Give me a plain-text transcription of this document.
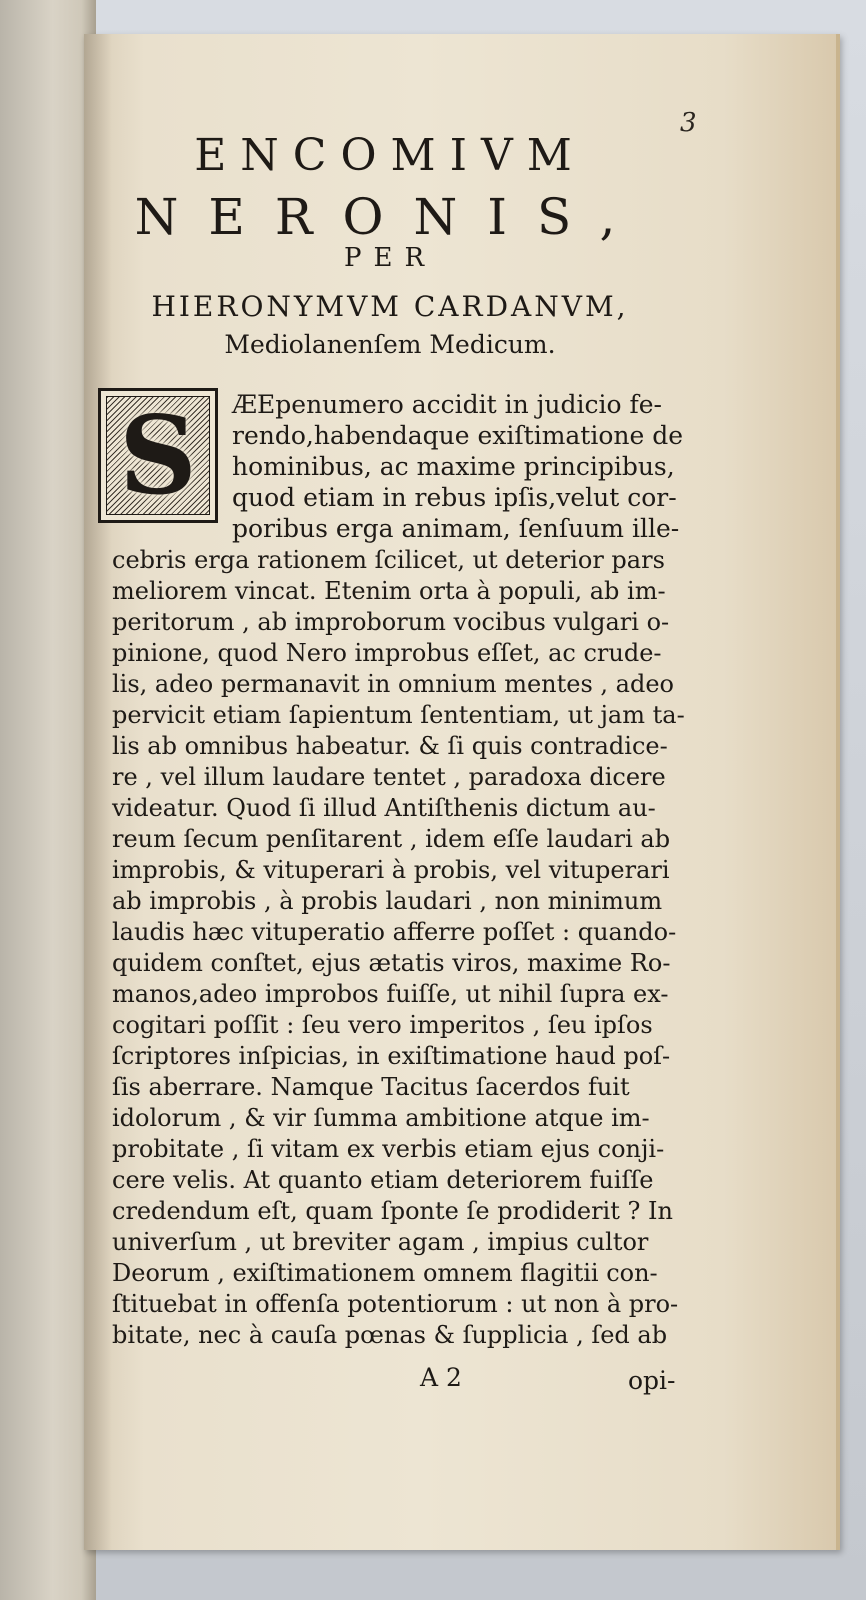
3
ENCOMIVM
NERONIS,
PER
HIERONYMVM CARDANVM,
Mediolanenſem Medicum.
S	ÆEpenumero accidit in judicio fe-
rendo,habendaque exiſtimatione de
hominibus, ac maxime principibus,
quod etiam in rebus ipſis,velut cor-
poribus erga animam, ſenſuum ille-
cebris erga rationem ſcilicet, ut deterior pars
meliorem vincat. Etenim orta à populi, ab im-
peritorum , ab improborum vocibus vulgari o-
pinione, quod Nero improbus eſſet, ac crude-
lis, adeo permanavit in omnium mentes , adeo
pervicit etiam ſapientum ſententiam, ut jam ta-
lis ab omnibus habeatur. & ſi quis contradice-
re , vel illum laudare tentet , paradoxa dicere
videatur. Quod ſi illud Antiſthenis dictum au-
reum ſecum penſitarent , idem eſſe laudari ab
improbis, & vituperari à probis, vel vituperari
ab improbis , à probis laudari , non minimum
laudis hæc vituperatio afferre poſſet : quando-
quidem conſtet, ejus ætatis viros, maxime Ro-
manos,adeo improbos fuiſſe, ut nihil ſupra ex-
cogitari poſſit : ſeu vero imperitos , ſeu ipſos
ſcriptores inſpicias, in exiſtimatione haud poſ-
ſis aberrare. Namque Tacitus ſacerdos fuit
idolorum , & vir ſumma ambitione atque im-
probitate , ſi vitam ex verbis etiam ejus conji-
cere velis. At quanto etiam deteriorem fuiſſe
credendum eſt, quam ſponte ſe prodiderit ? In
univerſum , ut breviter agam , impius cultor
Deorum , exiſtimationem omnem flagitii con-
ſtituebat in offenſa potentiorum : ut non à pro-
bitate, nec à cauſa pœnas & ſupplicia , ſed ab
A 2	opi-
